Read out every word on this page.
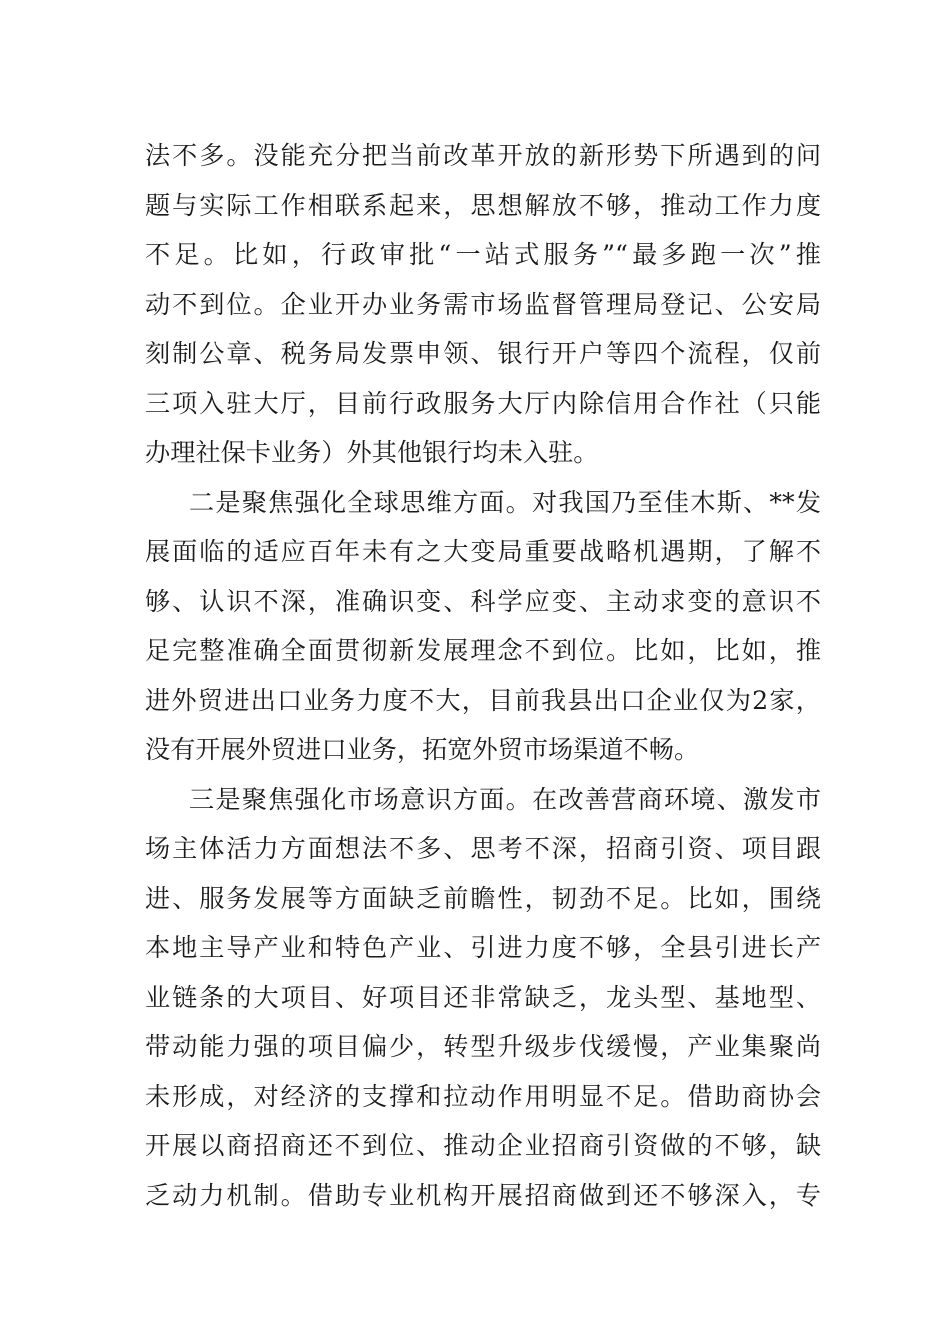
法不多。没能充分把当前改革开放的新形势下所遇到的问
题与实际工作相联系起来，思想解放不够，推动工作力度
不足。比如，行政审批“一站式服务”“最多跑一次”推
动不到位。企业开办业务需市场监督管理局登记、公安局
刻制公章、税务局发票申领、银行开户等四个流程，仅前
三项入驻大厅，目前行政服务大厅内除信用合作社（只能
办理社保卡业务）外其他银行均未入驻。
二是聚焦强化全球思维方面。对我国乃至佳木斯、**发
展面临的适应百年未有之大变局重要战略机遇期，了解不
够、认识不深，准确识变、科学应变、主动求变的意识不
足完整准确全面贯彻新发展理念不到位。比如，比如，推
进外贸进出口业务力度不大，目前我县出口企业仅为2家，
没有开展外贸进口业务，拓宽外贸市场渠道不畅。
三是聚焦强化市场意识方面。在改善营商环境、激发市
场主体活力方面想法不多、思考不深，招商引资、项目跟
进、服务发展等方面缺乏前瞻性，韧劲不足。比如，围绕
本地主导产业和特色产业、引进力度不够，全县引进长产
业链条的大项目、好项目还非常缺乏，龙头型、基地型、
带动能力强的项目偏少，转型升级步伐缓慢，产业集聚尚
未形成，对经济的支撑和拉动作用明显不足。借助商协会
开展以商招商还不到位、推动企业招商引资做的不够，缺
乏动力机制。借助专业机构开展招商做到还不够深入，专
